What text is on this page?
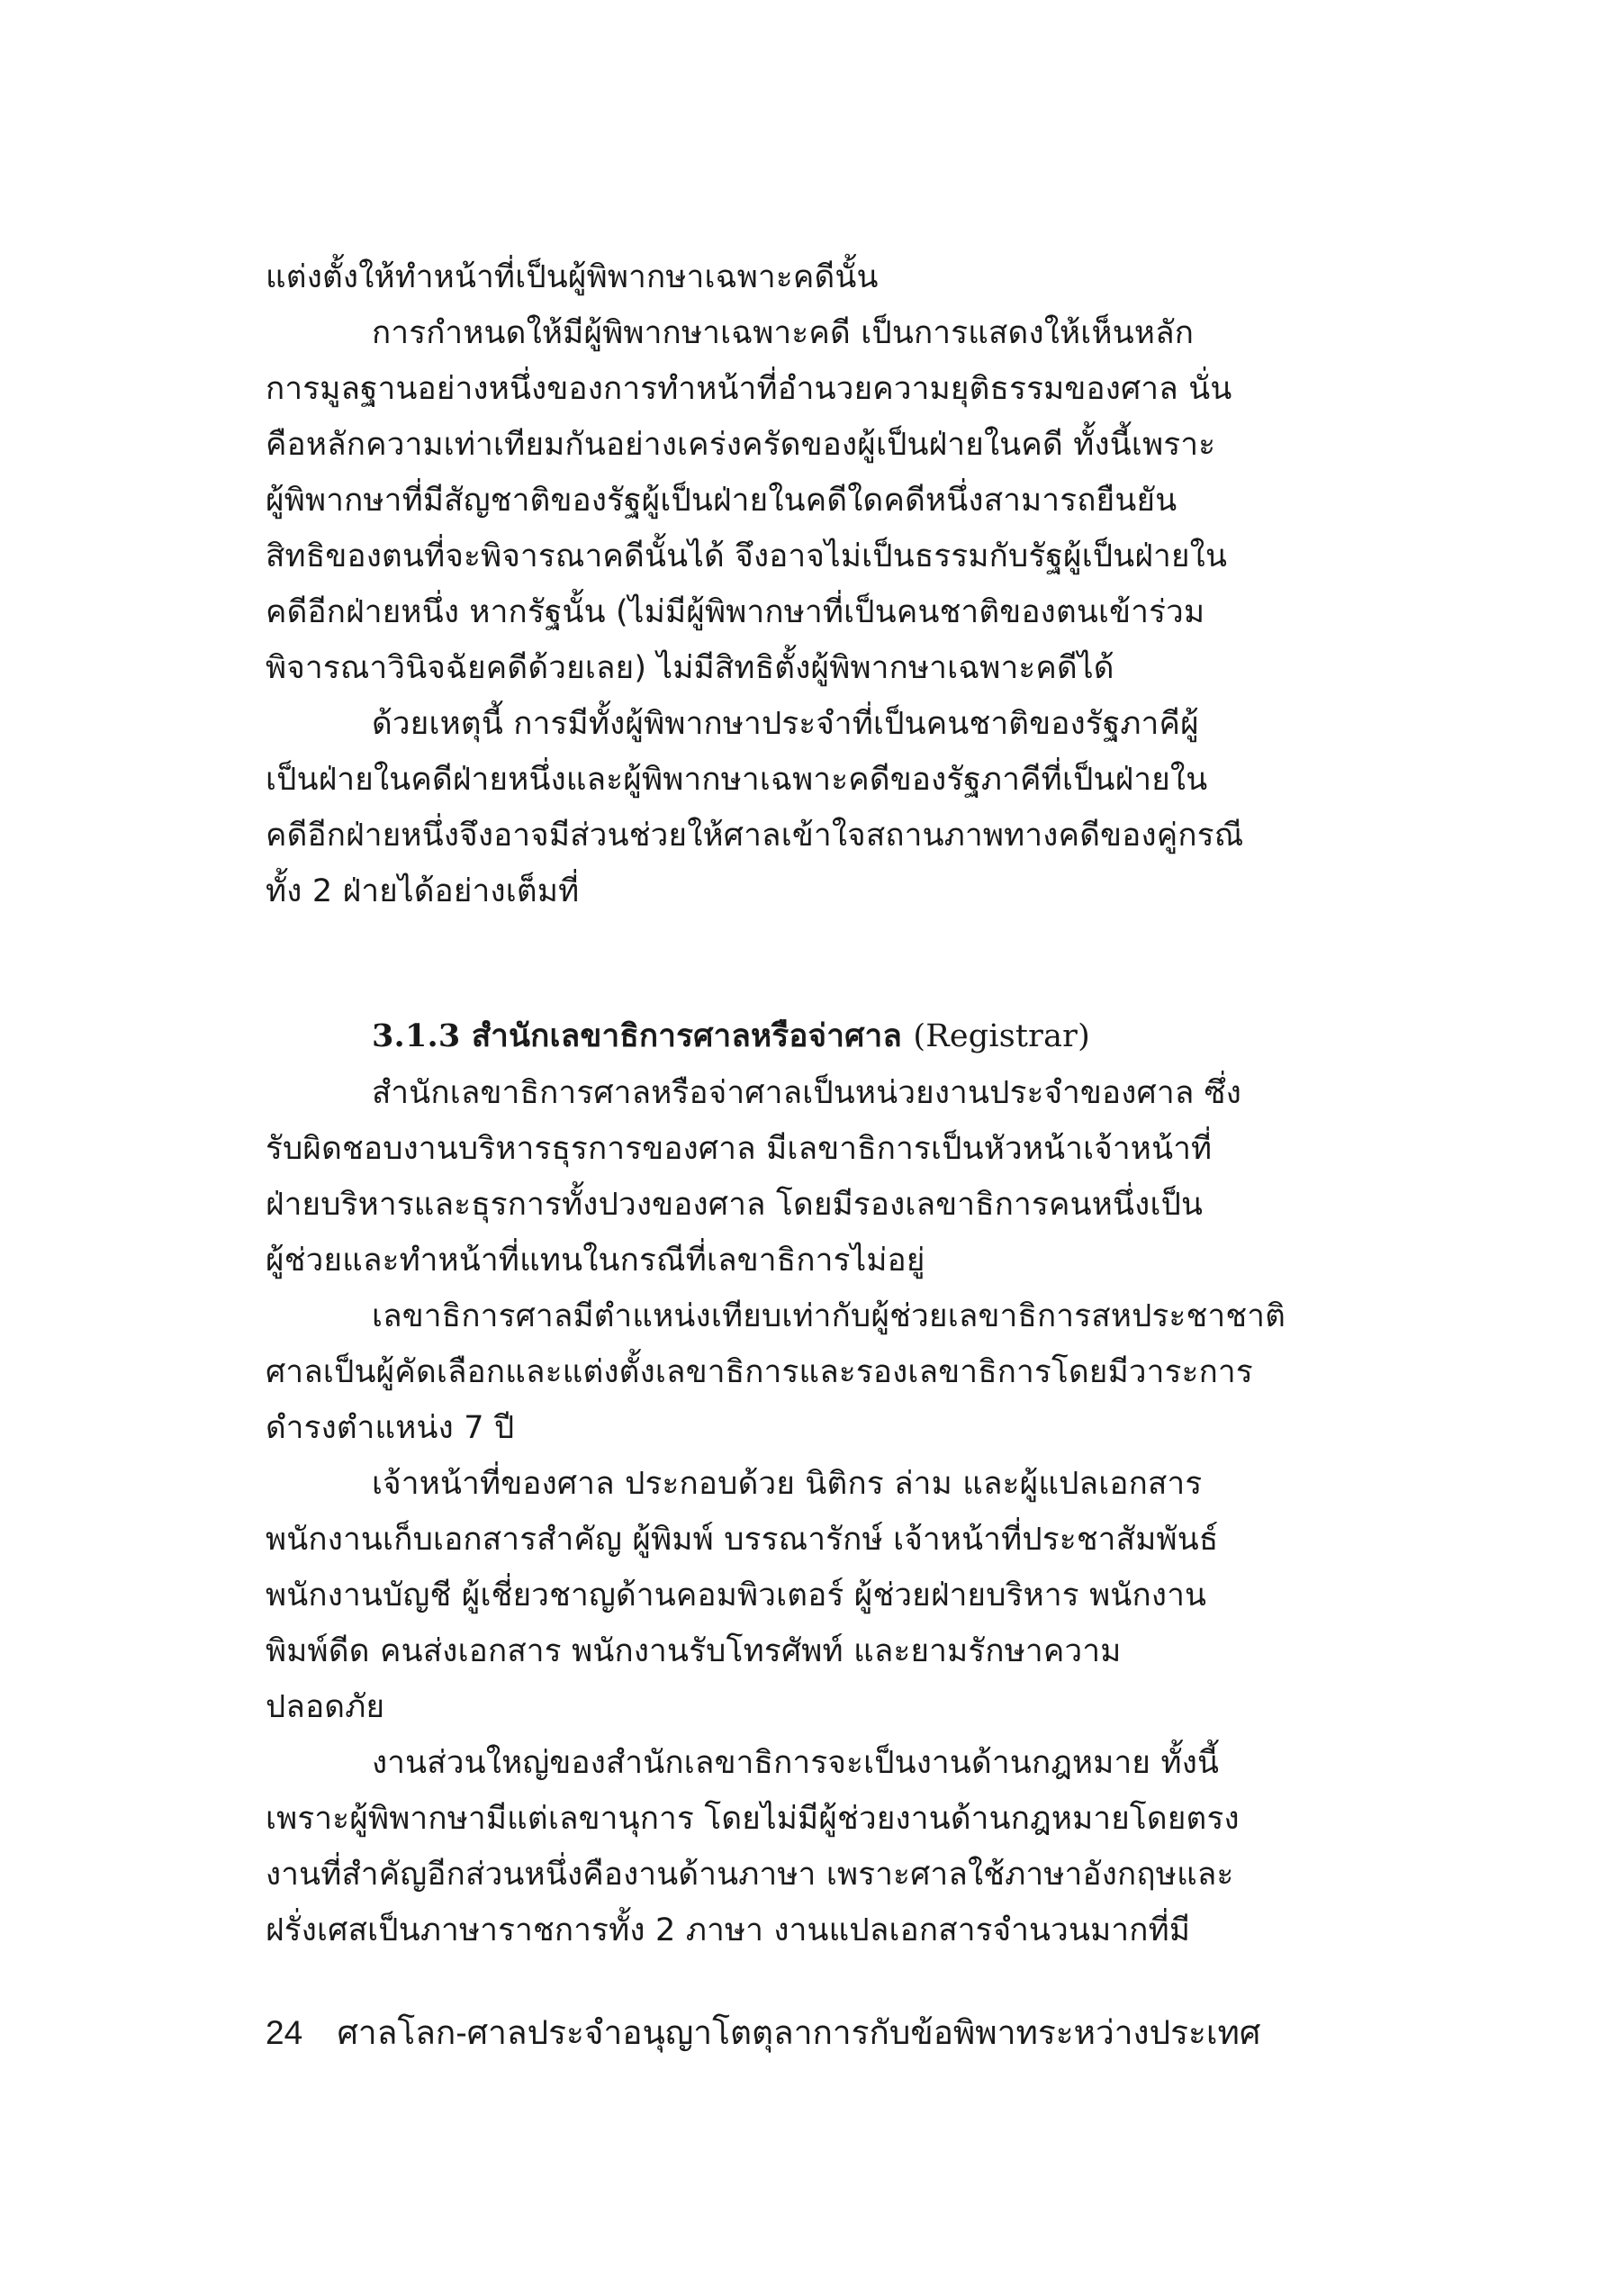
แต่งตั้งให้ทำหน้าที่เป็นผู้พิพากษาเฉพาะคดีนั้น
การกำหนดให้มีผู้พิพากษาเฉพาะคดี เป็นการแสดงให้เห็นหลัก
การมูลฐานอย่างหนึ่งของการทำหน้าที่อำนวยความยุติธรรมของศาล นั่น
คือหลักความเท่าเทียมกันอย่างเคร่งครัดของผู้เป็นฝ่ายในคดี ทั้งนี้เพราะ
ผู้พิพากษาที่มีสัญชาติของรัฐผู้เป็นฝ่ายในคดีใดคดีหนึ่งสามารถยืนยัน
สิทธิของตนที่จะพิจารณาคดีนั้นได้ จึงอาจไม่เป็นธรรมกับรัฐผู้เป็นฝ่ายใน
คดีอีกฝ่ายหนึ่ง หากรัฐนั้น (ไม่มีผู้พิพากษาที่เป็นคนชาติของตนเข้าร่วม
พิจารณาวินิจฉัยคดีด้วยเลย) ไม่มีสิทธิตั้งผู้พิพากษาเฉพาะคดีได้
ด้วยเหตุนี้ การมีทั้งผู้พิพากษาประจำที่เป็นคนชาติของรัฐภาคีผู้
เป็นฝ่ายในคดีฝ่ายหนึ่งและผู้พิพากษาเฉพาะคดีของรัฐภาคีที่เป็นฝ่ายใน
คดีอีกฝ่ายหนึ่งจึงอาจมีส่วนช่วยให้ศาลเข้าใจสถานภาพทางคดีของคู่กรณี
ทั้ง 2 ฝ่ายได้อย่างเต็มที่
3.1.3 สำนักเลขาธิการศาลหรือจ่าศาล (Registrar)
สำนักเลขาธิการศาลหรือจ่าศาลเป็นหน่วยงานประจำของศาล ซึ่ง
รับผิดชอบงานบริหารธุรการของศาล มีเลขาธิการเป็นหัวหน้าเจ้าหน้าที่
ฝ่ายบริหารและธุรการทั้งปวงของศาล โดยมีรองเลขาธิการคนหนึ่งเป็น
ผู้ช่วยและทำหน้าที่แทนในกรณีที่เลขาธิการไม่อยู่
เลขาธิการศาลมีตำแหน่งเทียบเท่ากับผู้ช่วยเลขาธิการสหประชาชาติ
ศาลเป็นผู้คัดเลือกและแต่งตั้งเลขาธิการและรองเลขาธิการโดยมีวาระการ
ดำรงตำแหน่ง 7 ปี
เจ้าหน้าที่ของศาล ประกอบด้วย นิติกร ล่าม และผู้แปลเอกสาร
พนักงานเก็บเอกสารสำคัญ ผู้พิมพ์ บรรณารักษ์ เจ้าหน้าที่ประชาสัมพันธ์
พนักงานบัญชี ผู้เชี่ยวชาญด้านคอมพิวเตอร์ ผู้ช่วยฝ่ายบริหาร พนักงาน
พิมพ์ดีด คนส่งเอกสาร พนักงานรับโทรศัพท์ และยามรักษาความ
ปลอดภัย
งานส่วนใหญ่ของสำนักเลขาธิการจะเป็นงานด้านกฎหมาย ทั้งนี้
เพราะผู้พิพากษามีแต่เลขานุการ โดยไม่มีผู้ช่วยงานด้านกฎหมายโดยตรง
งานที่สำคัญอีกส่วนหนึ่งคืองานด้านภาษา เพราะศาลใช้ภาษาอังกฤษและ
ฝรั่งเศสเป็นภาษาราชการทั้ง 2 ภาษา งานแปลเอกสารจำนวนมากที่มี
24 ศาลโลก-ศาลประจำอนุญาโตตุลาการกับข้อพิพาทระหว่างประเทศ
